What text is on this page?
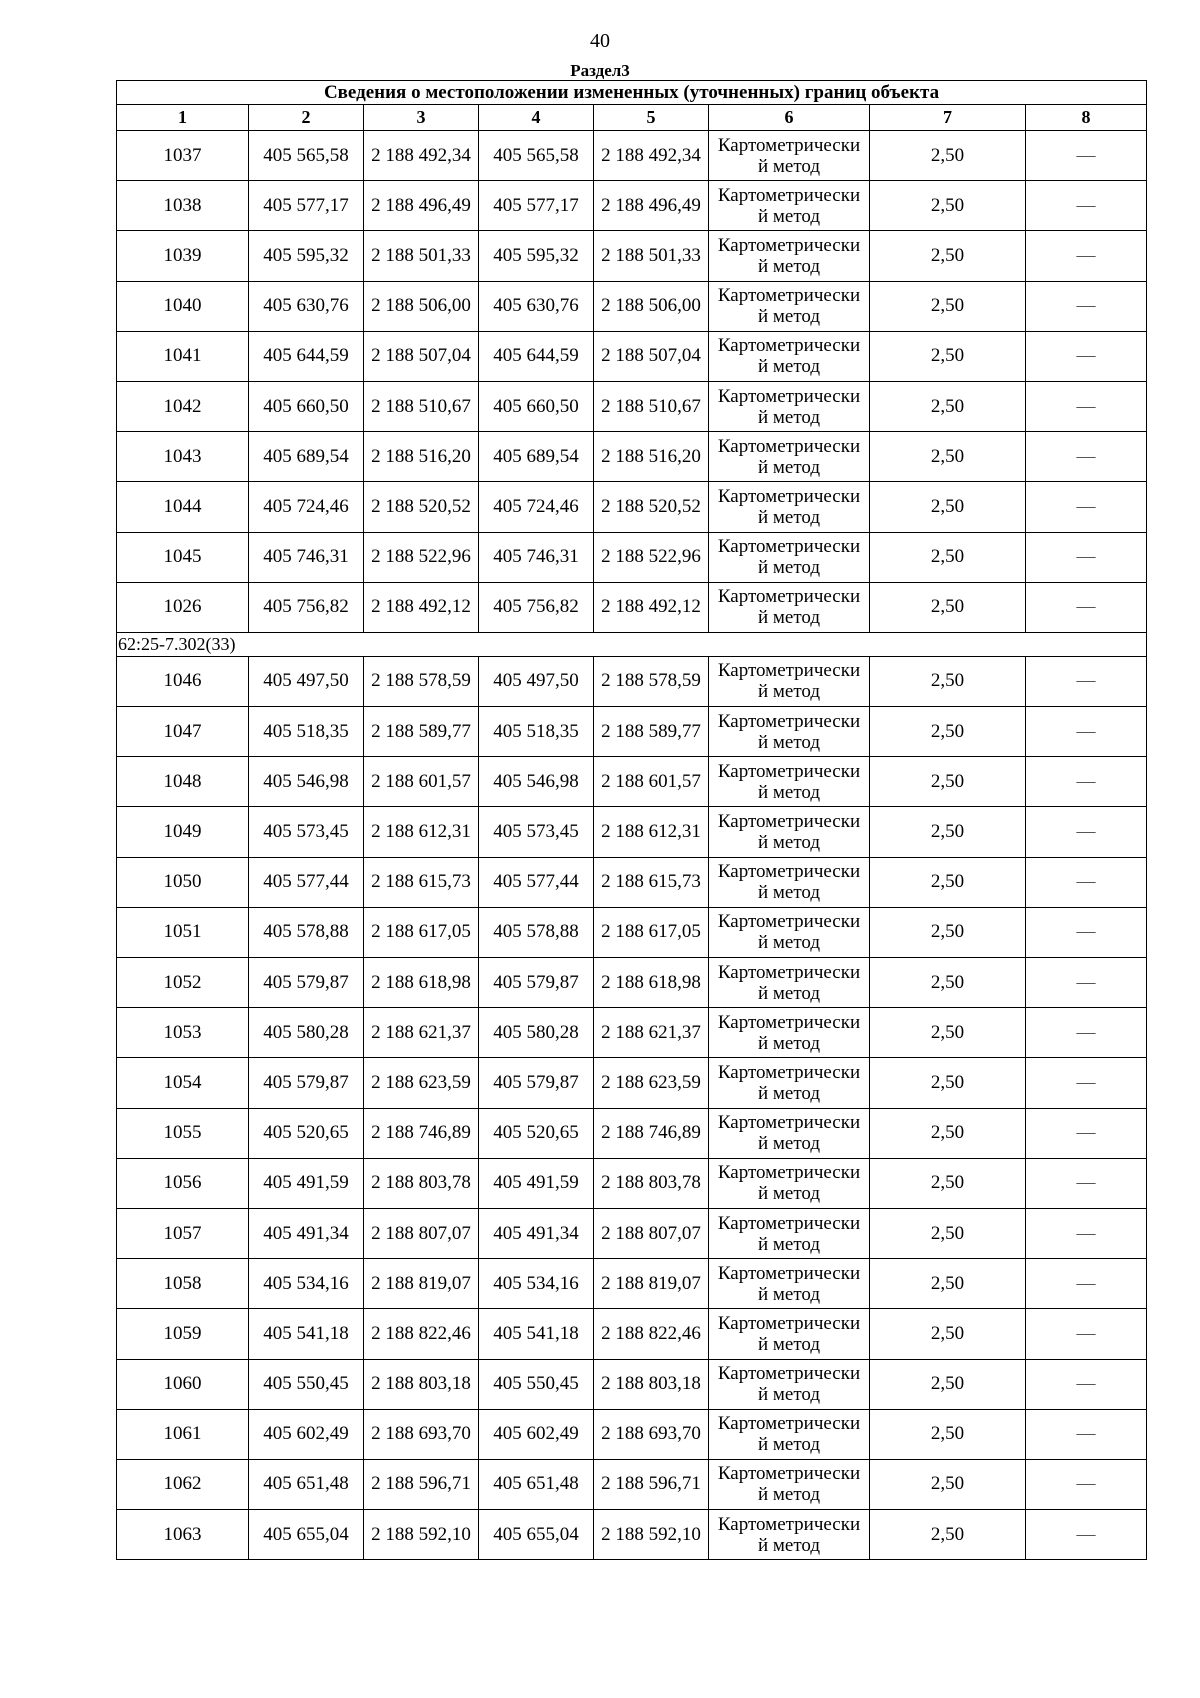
40
Раздел3
Сведения о местоположении измененных (уточненных) границ объекта							
1	2	3	4	5	6	7	8
1037	405 565,58	2 188 492,34	405 565,58	2 188 492,34	Картометрически
й метод	2,50	—
1038	405 577,17	2 188 496,49	405 577,17	2 188 496,49	Картометрически
й метод	2,50	—
1039	405 595,32	2 188 501,33	405 595,32	2 188 501,33	Картометрически
й метод	2,50	—
1040	405 630,76	2 188 506,00	405 630,76	2 188 506,00	Картометрически
й метод	2,50	—
1041	405 644,59	2 188 507,04	405 644,59	2 188 507,04	Картометрически
й метод	2,50	—
1042	405 660,50	2 188 510,67	405 660,50	2 188 510,67	Картометрически
й метод	2,50	—
1043	405 689,54	2 188 516,20	405 689,54	2 188 516,20	Картометрически
й метод	2,50	—
1044	405 724,46	2 188 520,52	405 724,46	2 188 520,52	Картометрически
й метод	2,50	—
1045	405 746,31	2 188 522,96	405 746,31	2 188 522,96	Картометрически
й метод	2,50	—
1026	405 756,82	2 188 492,12	405 756,82	2 188 492,12	Картометрически
й метод	2,50	—
62:25-7.302(33)							
1046	405 497,50	2 188 578,59	405 497,50	2 188 578,59	Картометрически
й метод	2,50	—
1047	405 518,35	2 188 589,77	405 518,35	2 188 589,77	Картометрически
й метод	2,50	—
1048	405 546,98	2 188 601,57	405 546,98	2 188 601,57	Картометрически
й метод	2,50	—
1049	405 573,45	2 188 612,31	405 573,45	2 188 612,31	Картометрически
й метод	2,50	—
1050	405 577,44	2 188 615,73	405 577,44	2 188 615,73	Картометрически
й метод	2,50	—
1051	405 578,88	2 188 617,05	405 578,88	2 188 617,05	Картометрически
й метод	2,50	—
1052	405 579,87	2 188 618,98	405 579,87	2 188 618,98	Картометрически
й метод	2,50	—
1053	405 580,28	2 188 621,37	405 580,28	2 188 621,37	Картометрически
й метод	2,50	—
1054	405 579,87	2 188 623,59	405 579,87	2 188 623,59	Картометрически
й метод	2,50	—
1055	405 520,65	2 188 746,89	405 520,65	2 188 746,89	Картометрически
й метод	2,50	—
1056	405 491,59	2 188 803,78	405 491,59	2 188 803,78	Картометрически
й метод	2,50	—
1057	405 491,34	2 188 807,07	405 491,34	2 188 807,07	Картометрически
й метод	2,50	—
1058	405 534,16	2 188 819,07	405 534,16	2 188 819,07	Картометрически
й метод	2,50	—
1059	405 541,18	2 188 822,46	405 541,18	2 188 822,46	Картометрически
й метод	2,50	—
1060	405 550,45	2 188 803,18	405 550,45	2 188 803,18	Картометрически
й метод	2,50	—
1061	405 602,49	2 188 693,70	405 602,49	2 188 693,70	Картометрически
й метод	2,50	—
1062	405 651,48	2 188 596,71	405 651,48	2 188 596,71	Картометрически
й метод	2,50	—
1063	405 655,04	2 188 592,10	405 655,04	2 188 592,10	Картометрически
й метод	2,50	—
